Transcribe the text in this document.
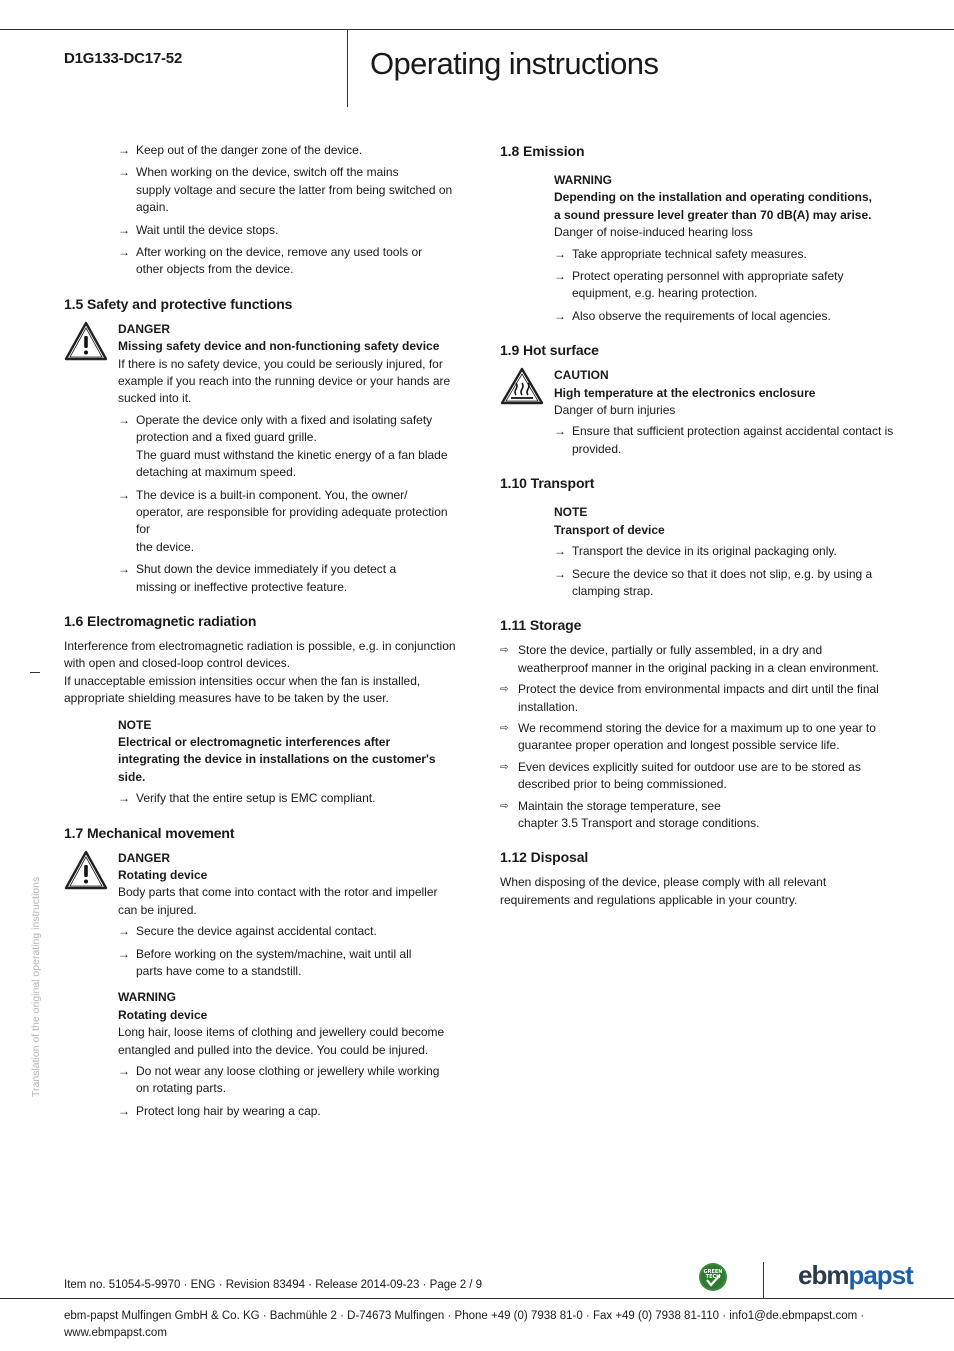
D1G133-DC17-52	Operating instructions
Translation of the original operating instructions
→ Keep out of the danger zone of the device.
→ When working on the device, switch off the mains
supply voltage and secure the latter from being switched on
again.
→ Wait until the device stops.
→ After working on the device, remove any used tools or
other objects from the device.
1.5 Safety and protective functions

DANGER

Missing safety device and non-functioning safety device

If there is no safety device, you could be seriously injured, for
example if you reach into the running device or your hands are
sucked into it.
→ Operate the device only with a fixed and isolating safety
protection and a fixed guard grille.
The guard must withstand the kinetic energy of a fan blade
detaching at maximum speed.
→ The device is a built-in component. You, the owner/
operator, are responsible for providing adequate protection for
the device.
→ Shut down the device immediately if you detect a
missing or ineffective protective feature.
1.6 Electromagnetic radiation
Interference from electromagnetic radiation is possible, e.g. in conjunction
with open and closed-loop control devices.
If unacceptable emission intensities occur when the fan is installed,
appropriate shielding measures have to be taken by the user.

NOTE

Electrical or electromagnetic interferences after
integrating the device in installations on the customer's
side.
→ Verify that the entire setup is EMC compliant.
1.7 Mechanical movement

DANGER

Rotating device

Body parts that come into contact with the rotor and impeller
can be injured.
→ Secure the device against accidental contact.
→ Before working on the system/machine, wait until all
parts have come to a standstill.

WARNING

Rotating device

Long hair, loose items of clothing and jewellery could become
entangled and pulled into the device. You could be injured.
→ Do not wear any loose clothing or jewellery while working
on rotating parts.
→ Protect long hair by wearing a cap.
1.8 Emission

WARNING

Depending on the installation and operating conditions,
a sound pressure level greater than 70 dB(A) may arise.
Danger of noise-induced hearing loss
→ Take appropriate technical safety measures.
→ Protect operating personnel with appropriate safety
equipment, e.g. hearing protection.
→ Also observe the requirements of local agencies.
1.9 Hot surface

CAUTION

High temperature at the electronics enclosure

Danger of burn injuries
→ Ensure that sufficient protection against accidental contact is
provided.
1.10 Transport

NOTE

Transport of device

→ Transport the device in its original packaging only.
→ Secure the device so that it does not slip, e.g. by using a
clamping strap.
1.11 Storage
⇨ Store the device, partially or fully assembled, in a dry and
weatherproof manner in the original packing in a clean environment.
⇨ Protect the device from environmental impacts and dirt until the final
installation.
⇨ We recommend storing the device for a maximum up to one year to
guarantee proper operation and longest possible service life.
⇨ Even devices explicitly suited for outdoor use are to be stored as
described prior to being commissioned.
⇨ Maintain the storage temperature, see
chapter 3.5 Transport and storage conditions.
1.12 Disposal
When disposing of the device, please comply with all relevant
requirements and regulations applicable in your country.
Item no. 51054-5-9970 · ENG · Revision 83494 · Release 2014-09-23 · Page 2 / 9
ebm-papst Mulfingen GmbH & Co. KG · Bachmühle 2 · D-74673 Mulfingen · Phone +49 (0) 7938 81-0 · Fax +49 (0) 7938 81-110 · info1@de.ebmpapst.com · www.ebmpapst.com
GREEN
TECH	ebmpapst
